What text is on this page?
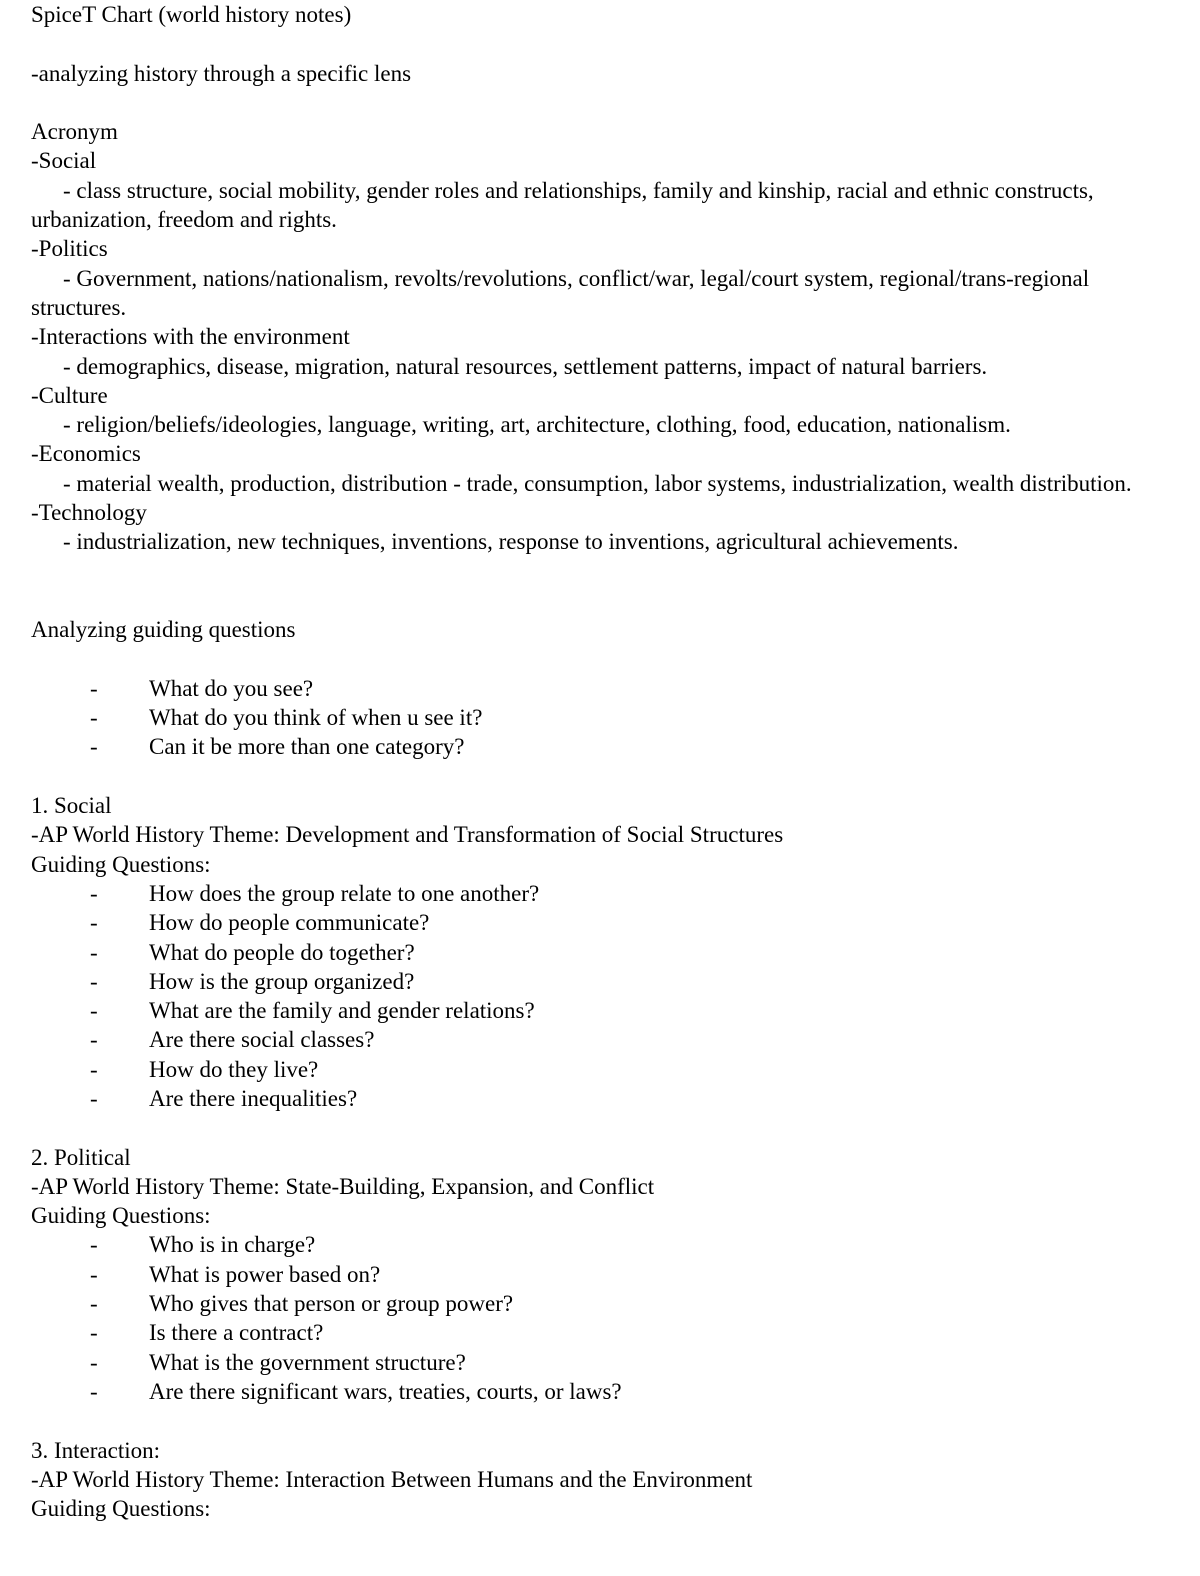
SpiceT Chart (world history notes)
-analyzing history through a specific lens
Acronym
-Social
- class structure, social mobility, gender roles and relationships, family and kinship, racial and ethnic constructs, urbanization, freedom and rights.
-Politics
- Government, nations/nationalism, revolts/revolutions, conflict/war, legal/court system, regional/trans-regional structures.
-Interactions with the environment
- demographics, disease, migration, natural resources, settlement patterns, impact of natural barriers.
-Culture
- religion/beliefs/ideologies, language, writing, art, architecture, clothing, food, education, nationalism.
-Economics
- material wealth, production, distribution - trade, consumption, labor systems, industrialization, wealth distribution.
-Technology
- industrialization, new techniques, inventions, response to inventions, agricultural achievements.
Analyzing guiding questions
-	What do you see?
-	What do you think of when u see it?
-	Can it be more than one category?
1. Social
-AP World History Theme: Development and Transformation of Social Structures
Guiding Questions:
-	How does the group relate to one another?
-	How do people communicate?
-	What do people do together?
-	How is the group organized?
-	What are the family and gender relations?
-	Are there social classes?
-	How do they live?
-	Are there inequalities?
2. Political
-AP World History Theme: State-Building, Expansion, and Conflict
Guiding Questions:
-	Who is in charge?
-	What is power based on?
-	Who gives that person or group power?
-	Is there a contract?
-	What is the government structure?
-	Are there significant wars, treaties, courts, or laws?
3. Interaction:
-AP World History Theme: Interaction Between Humans and the Environment
Guiding Questions:
